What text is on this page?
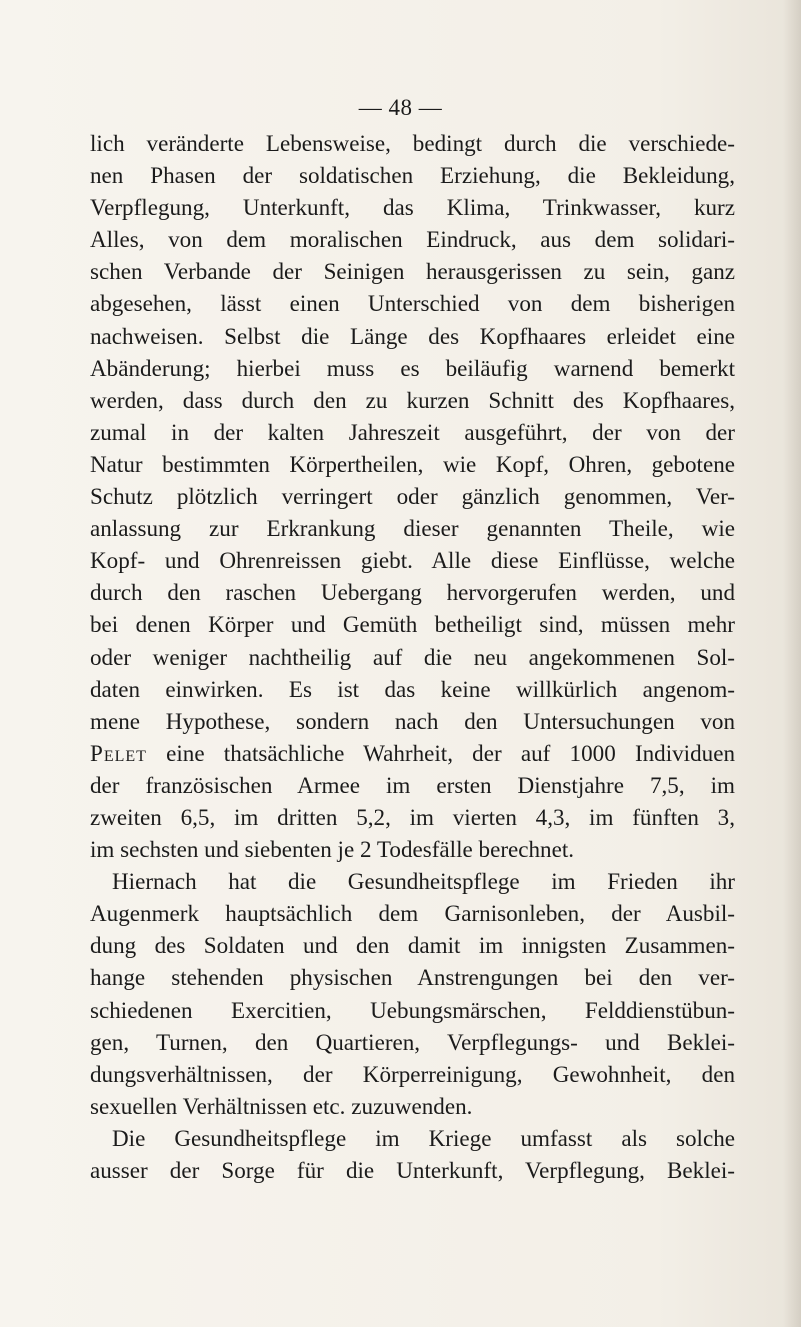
— 48 —
lich veränderte Lebensweise, bedingt durch die verschiede-
nen Phasen der soldatischen Erziehung, die Bekleidung,
Verpflegung, Unterkunft, das Klima, Trinkwasser, kurz
Alles, von dem moralischen Eindruck, aus dem solidari-
schen Verbande der Seinigen herausgerissen zu sein, ganz
abgesehen, lässt einen Unterschied von dem bisherigen
nachweisen. Selbst die Länge des Kopfhaares erleidet eine
Abänderung; hierbei muss es beiläufig warnend bemerkt
werden, dass durch den zu kurzen Schnitt des Kopfhaares,
zumal in der kalten Jahreszeit ausgeführt, der von der
Natur bestimmten Körpertheilen, wie Kopf, Ohren, gebotene
Schutz plötzlich verringert oder gänzlich genommen, Ver-
anlassung zur Erkrankung dieser genannten Theile, wie
Kopf- und Ohrenreissen giebt. Alle diese Einflüsse, welche
durch den raschen Uebergang hervorgerufen werden, und
bei denen Körper und Gemüth betheiligt sind, müssen mehr
oder weniger nachtheilig auf die neu angekommenen Sol-
daten einwirken. Es ist das keine willkürlich angenom-
mene Hypothese, sondern nach den Untersuchungen von
Pelet eine thatsächliche Wahrheit, der auf 1000 Individuen
der französischen Armee im ersten Dienstjahre 7,5, im
zweiten 6,5, im dritten 5,2, im vierten 4,3, im fünften 3,
im sechsten und siebenten je 2 Todesfälle berechnet.
Hiernach hat die Gesundheitspflege im Frieden ihr
Augenmerk hauptsächlich dem Garnisonleben, der Ausbil-
dung des Soldaten und den damit im innigsten Zusammen-
hange stehenden physischen Anstrengungen bei den ver-
schiedenen Exercitien, Uebungsmärschen, Felddienstübun-
gen, Turnen, den Quartieren, Verpflegungs- und Beklei-
dungsverhältnissen, der Körperreinigung, Gewohnheit, den
sexuellen Verhältnissen etc. zuzuwenden.
Die Gesundheitspflege im Kriege umfasst als solche
ausser der Sorge für die Unterkunft, Verpflegung, Beklei-
